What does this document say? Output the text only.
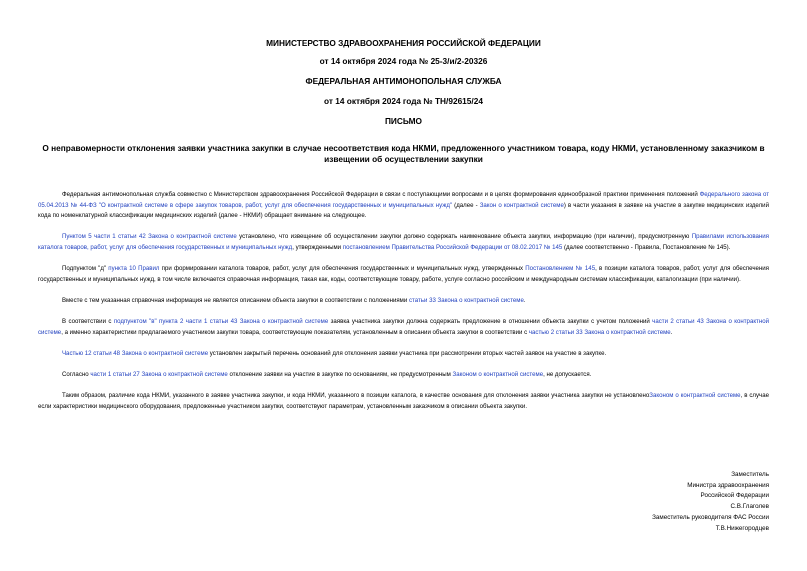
МИНИСТЕРСТВО ЗДРАВООХРАНЕНИЯ РОССИЙСКОЙ ФЕДЕРАЦИИ
от 14 октября 2024 года № 25-3/и/2-20326
ФЕДЕРАЛЬНАЯ АНТИМОНОПОЛЬНАЯ СЛУЖБА
от 14 октября 2024 года № ТН/92615/24
ПИСЬМО
О неправомерности отклонения заявки участника закупки в случае несоответствия кода НКМИ, предложенного участником товара, коду НКМИ, установленному заказчиком в извещении об осуществлении закупки

Федеральная антимонопольная служба совместно с Министерством здравоохранения Российской Федерации в связи с поступающими вопросами и в целях формирования единообразной практики применения положений Федерального закона от 05.04.2013 № 44-ФЗ "О контрактной системе в сфере закупок товаров, работ, услуг для обеспечения государственных и муниципальных нужд" (далее - Закон о контрактной системе) в части указания в заявке на участие в закупке медицинских изделий кода по номенклатурной классификации медицинских изделий (далее - НКМИ) обращает внимание на следующее.

Пунктом 5 части 1 статьи 42 Закона о контрактной системе установлено, что извещение об осуществлении закупки должно содержать наименование объекта закупки, информацию (при наличии), предусмотренную Правилами использования каталога товаров, работ, услуг для обеспечения государственных и муниципальных нужд, утвержденными постановлением Правительства Российской Федерации от 08.02.2017 № 145 (далее соответственно - Правила, Постановление № 145).

Подпунктом "д" пункта 10 Правил при формировании каталога товаров, работ, услуг для обеспечения государственных и муниципальных нужд, утвержденных Постановлением № 145, в позиции каталога товаров, работ, услуг для обеспечения государственных и муниципальных нужд, в том числе включается справочная информация, такая как, коды, соответствующие товару, работе, услуге согласно российским и международным системам классификации, каталогизации (при наличии).

Вместе с тем указанная справочная информация не является описанием объекта закупки в соответствии с положениями статьи 33 Закона о контрактной системе.

В соответствии с подпунктом "в" пункта 2 части 1 статьи 43 Закона о контрактной системе заявка участника закупки должна содержать предложение в отношении объекта закупки с учетом положений части 2 статьи 43 Закона о контрактной системе, а именно характеристики предлагаемого участником закупки товара, соответствующие показателям, установленным в описании объекта закупки в соответствии с частью 2 статьи 33 Закона о контрактной системе.

Частью 12 статьи 48 Закона о контрактной системе установлен закрытый перечень оснований для отклонения заявки участника при рассмотрении вторых частей заявок на участие в закупке.

Согласно части 1 статьи 27 Закона о контрактной системе отклонение заявки на участие в закупке по основаниям, не предусмотренным Законом о контрактной системе, не допускается.

Таким образом, различие кода НКМИ, указанного в заявке участника закупки, и кода НКМИ, указанного в позиции каталога, в качестве основания для отклонения заявки участника закупки не установленоЗаконом о контрактной системе, в случае если характеристики медицинского оборудования, предложенные участником закупки, соответствуют параметрам, установленным заказчиком в описании объекта закупки.

Заместитель
Министра здравоохранения
Российской Федерации
С.В.Глаголев
Заместитель руководителя ФАС России
Т.В.Нижегородцев
